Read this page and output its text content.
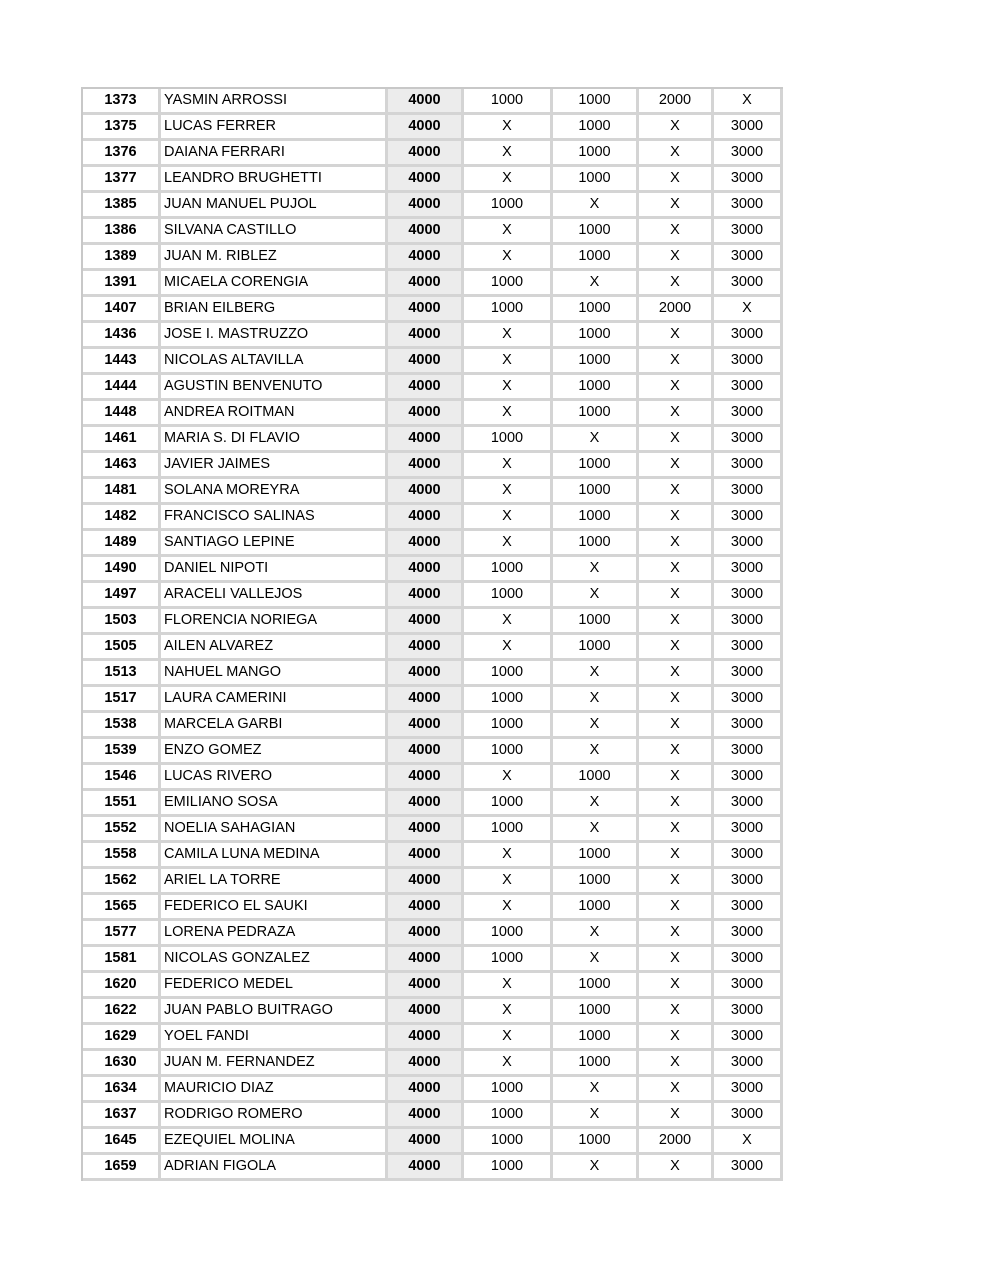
1373	YASMIN ARROSSI	4000	1000	1000	2000	X
1375	LUCAS FERRER	4000	X	1000	X	3000
1376	DAIANA FERRARI	4000	X	1000	X	3000
1377	LEANDRO BRUGHETTI	4000	X	1000	X	3000
1385	JUAN MANUEL PUJOL	4000	1000	X	X	3000
1386	SILVANA CASTILLO	4000	X	1000	X	3000
1389	JUAN M. RIBLEZ	4000	X	1000	X	3000
1391	MICAELA CORENGIA	4000	1000	X	X	3000
1407	BRIAN EILBERG	4000	1000	1000	2000	X
1436	JOSE I. MASTRUZZO	4000	X	1000	X	3000
1443	NICOLAS ALTAVILLA	4000	X	1000	X	3000
1444	AGUSTIN BENVENUTO	4000	X	1000	X	3000
1448	ANDREA ROITMAN	4000	X	1000	X	3000
1461	MARIA S. DI FLAVIO	4000	1000	X	X	3000
1463	JAVIER JAIMES	4000	X	1000	X	3000
1481	SOLANA MOREYRA	4000	X	1000	X	3000
1482	FRANCISCO SALINAS	4000	X	1000	X	3000
1489	SANTIAGO LEPINE	4000	X	1000	X	3000
1490	DANIEL NIPOTI	4000	1000	X	X	3000
1497	ARACELI VALLEJOS	4000	1000	X	X	3000
1503	FLORENCIA NORIEGA	4000	X	1000	X	3000
1505	AILEN ALVAREZ	4000	X	1000	X	3000
1513	NAHUEL MANGO	4000	1000	X	X	3000
1517	LAURA CAMERINI	4000	1000	X	X	3000
1538	MARCELA GARBI	4000	1000	X	X	3000
1539	ENZO GOMEZ	4000	1000	X	X	3000
1546	LUCAS RIVERO	4000	X	1000	X	3000
1551	EMILIANO SOSA	4000	1000	X	X	3000
1552	NOELIA SAHAGIAN	4000	1000	X	X	3000
1558	CAMILA LUNA MEDINA	4000	X	1000	X	3000
1562	ARIEL LA TORRE	4000	X	1000	X	3000
1565	FEDERICO EL SAUKI	4000	X	1000	X	3000
1577	LORENA PEDRAZA	4000	1000	X	X	3000
1581	NICOLAS GONZALEZ	4000	1000	X	X	3000
1620	FEDERICO MEDEL	4000	X	1000	X	3000
1622	JUAN PABLO BUITRAGO	4000	X	1000	X	3000
1629	YOEL FANDI	4000	X	1000	X	3000
1630	JUAN M. FERNANDEZ	4000	X	1000	X	3000
1634	MAURICIO DIAZ	4000	1000	X	X	3000
1637	RODRIGO ROMERO	4000	1000	X	X	3000
1645	EZEQUIEL MOLINA	4000	1000	1000	2000	X
1659	ADRIAN FIGOLA	4000	1000	X	X	3000
